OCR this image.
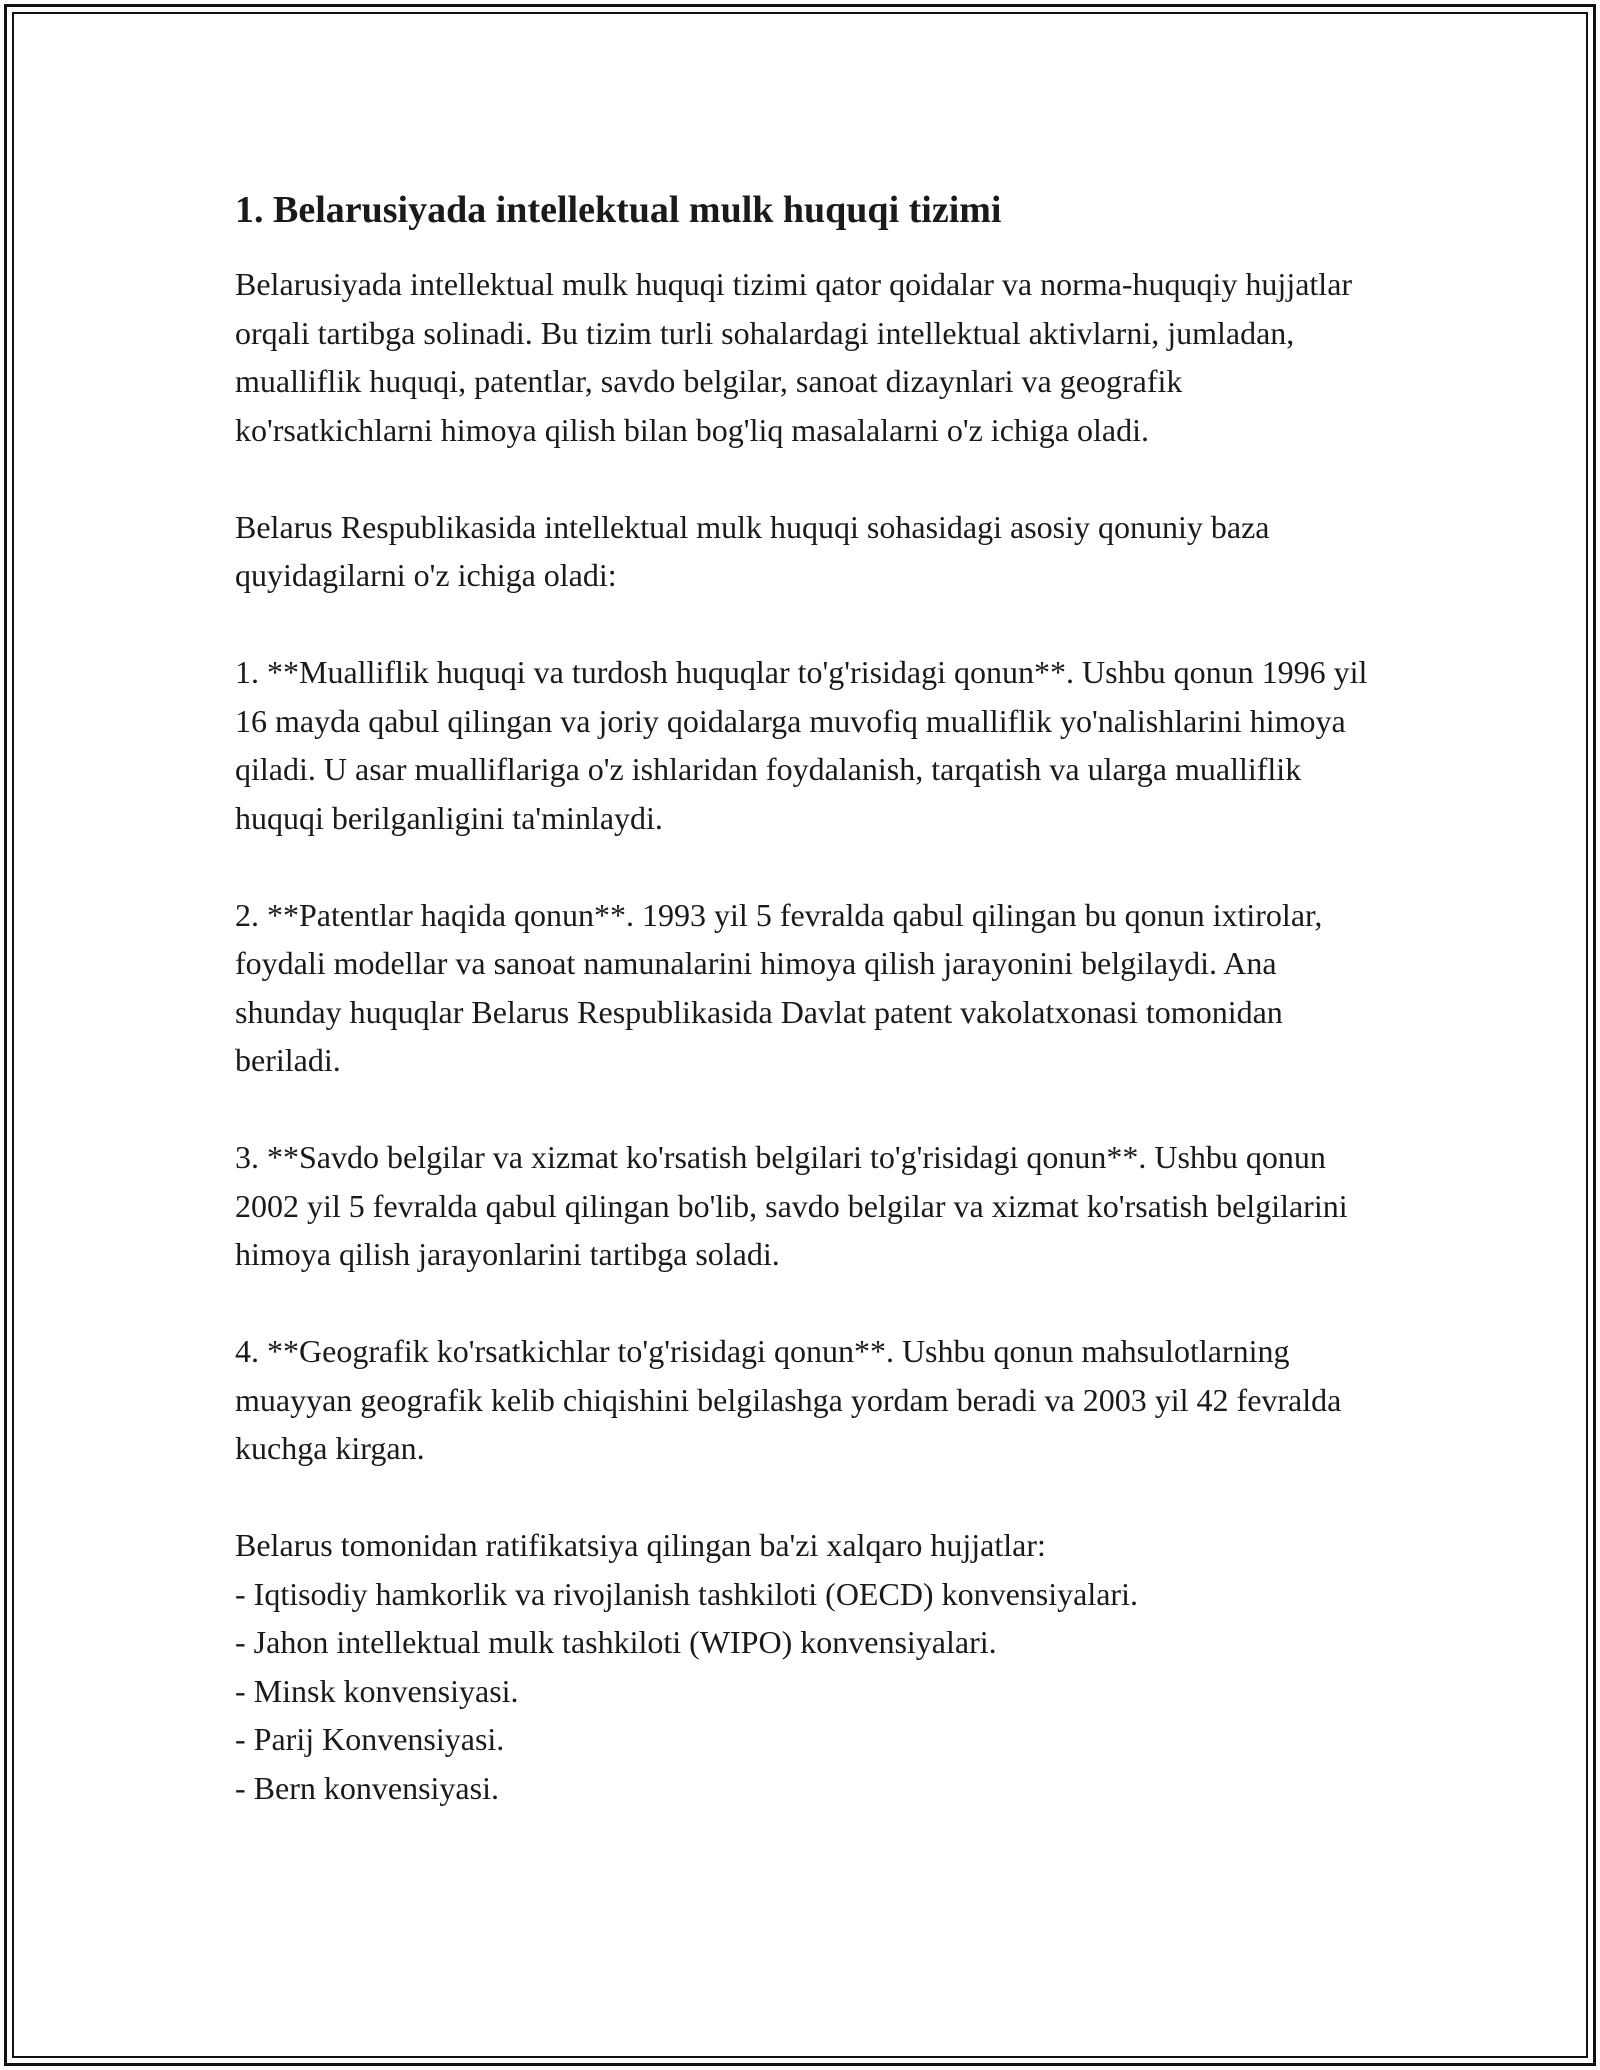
1. Belarusiyada intellektual mulk huquqi tizimi

Belarusiyada intellektual mulk huquqi tizimi qator qoidalar va norma-huquqiy hujjatlar orqali tartibga solinadi. Bu tizim turli sohalardagi intellektual aktivlarni, jumladan, mualliflik huquqi, patentlar, savdo belgilar, sanoat dizaynlari va geografik ko'rsatkichlarni himoya qilish bilan bog'liq masalalarni o'z ichiga oladi.

Belarus Respublikasida intellektual mulk huquqi sohasidagi asosiy qonuniy baza quyidagilarni o'z ichiga oladi:

1. **Mualliflik huquqi va turdosh huquqlar to'g'risidagi qonun**. Ushbu qonun 1996 yil 16 mayda qabul qilingan va joriy qoidalarga muvofiq mualliflik yo'nalishlarini himoya qiladi. U asar mualliflariga o'z ishlaridan foydalanish, tarqatish va ularga mualliflik huquqi berilganligini ta'minlaydi.

2. **Patentlar haqida qonun**. 1993 yil 5 fevralda qabul qilingan bu qonun ixtirolar, foydali modellar va sanoat namunalarini himoya qilish jarayonini belgilaydi. Ana shunday huquqlar Belarus Respublikasida Davlat patent vakolatxonasi tomonidan beriladi.

3. **Savdo belgilar va xizmat ko'rsatish belgilari to'g'risidagi qonun**. Ushbu qonun 2002 yil 5 fevralda qabul qilingan bo'lib, savdo belgilar va xizmat ko'rsatish belgilarini himoya qilish jarayonlarini tartibga soladi.

4. **Geografik ko'rsatkichlar to'g'risidagi qonun**. Ushbu qonun mahsulotlarning muayyan geografik kelib chiqishini belgilashga yordam beradi va 2003 yil 42 fevralda kuchga kirgan.

Belarus tomonidan ratifikatsiya qilingan ba'zi xalqaro hujjatlar:
- Iqtisodiy hamkorlik va rivojlanish tashkiloti (OECD) konvensiyalari.
- Jahon intellektual mulk tashkiloti (WIPO) konvensiyalari.
- Minsk konvensiyasi.
- Parij Konvensiyasi.
- Bern konvensiyasi.
